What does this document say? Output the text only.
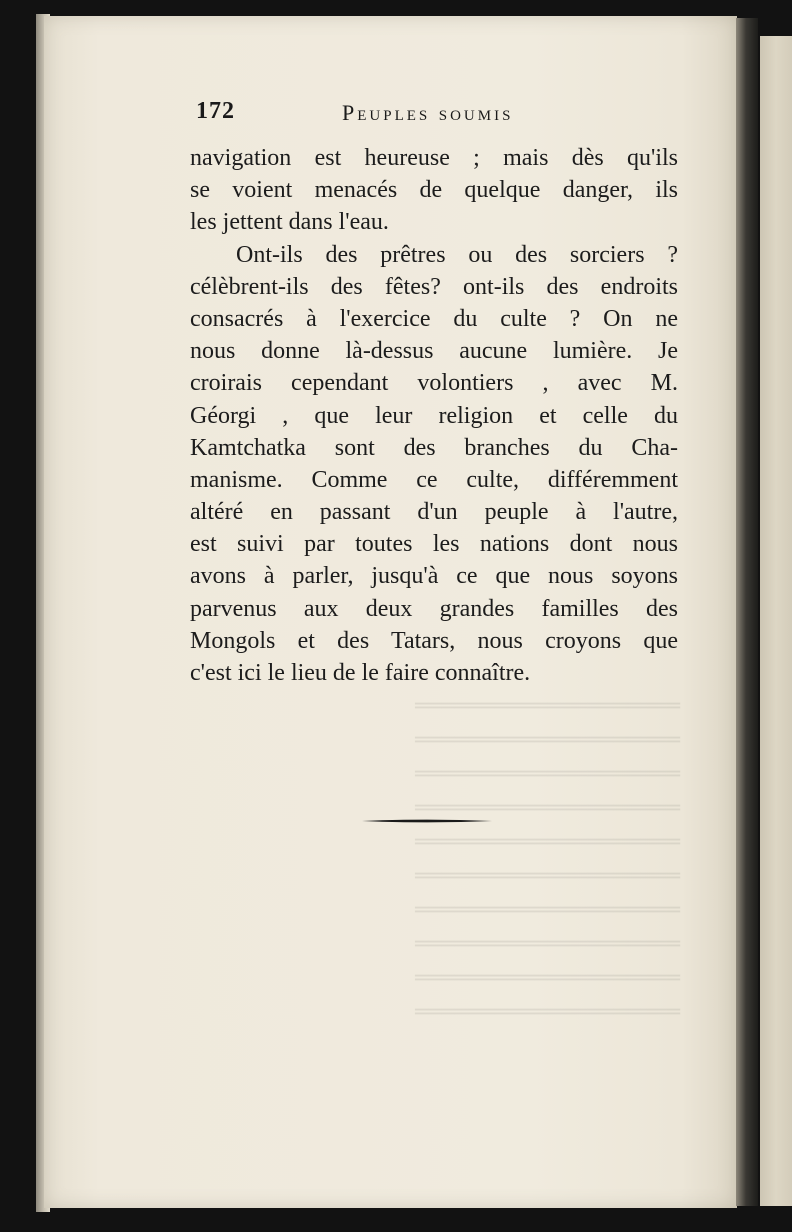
172	Peuples soumis
navigation est heureuse ; mais dès qu'ils
se voient menacés de quelque danger, ils
les jettent dans l'eau.
Ont-ils des prêtres ou des sorciers ?
célèbrent-ils des fêtes? ont-ils des endroits
consacrés à l'exercice du culte ? On ne
nous donne là-dessus aucune lumière. Je
croirais cependant volontiers , avec M.
Géorgi , que leur religion et celle du
Kamtchatka sont des branches du Cha-
manisme. Comme ce culte, différemment
altéré en passant d'un peuple à l'autre,
est suivi par toutes les nations dont nous
avons à parler, jusqu'à ce que nous soyons
parvenus aux deux grandes familles des
Mongols et des Tatars, nous croyons que
c'est ici le lieu de le faire connaître.
